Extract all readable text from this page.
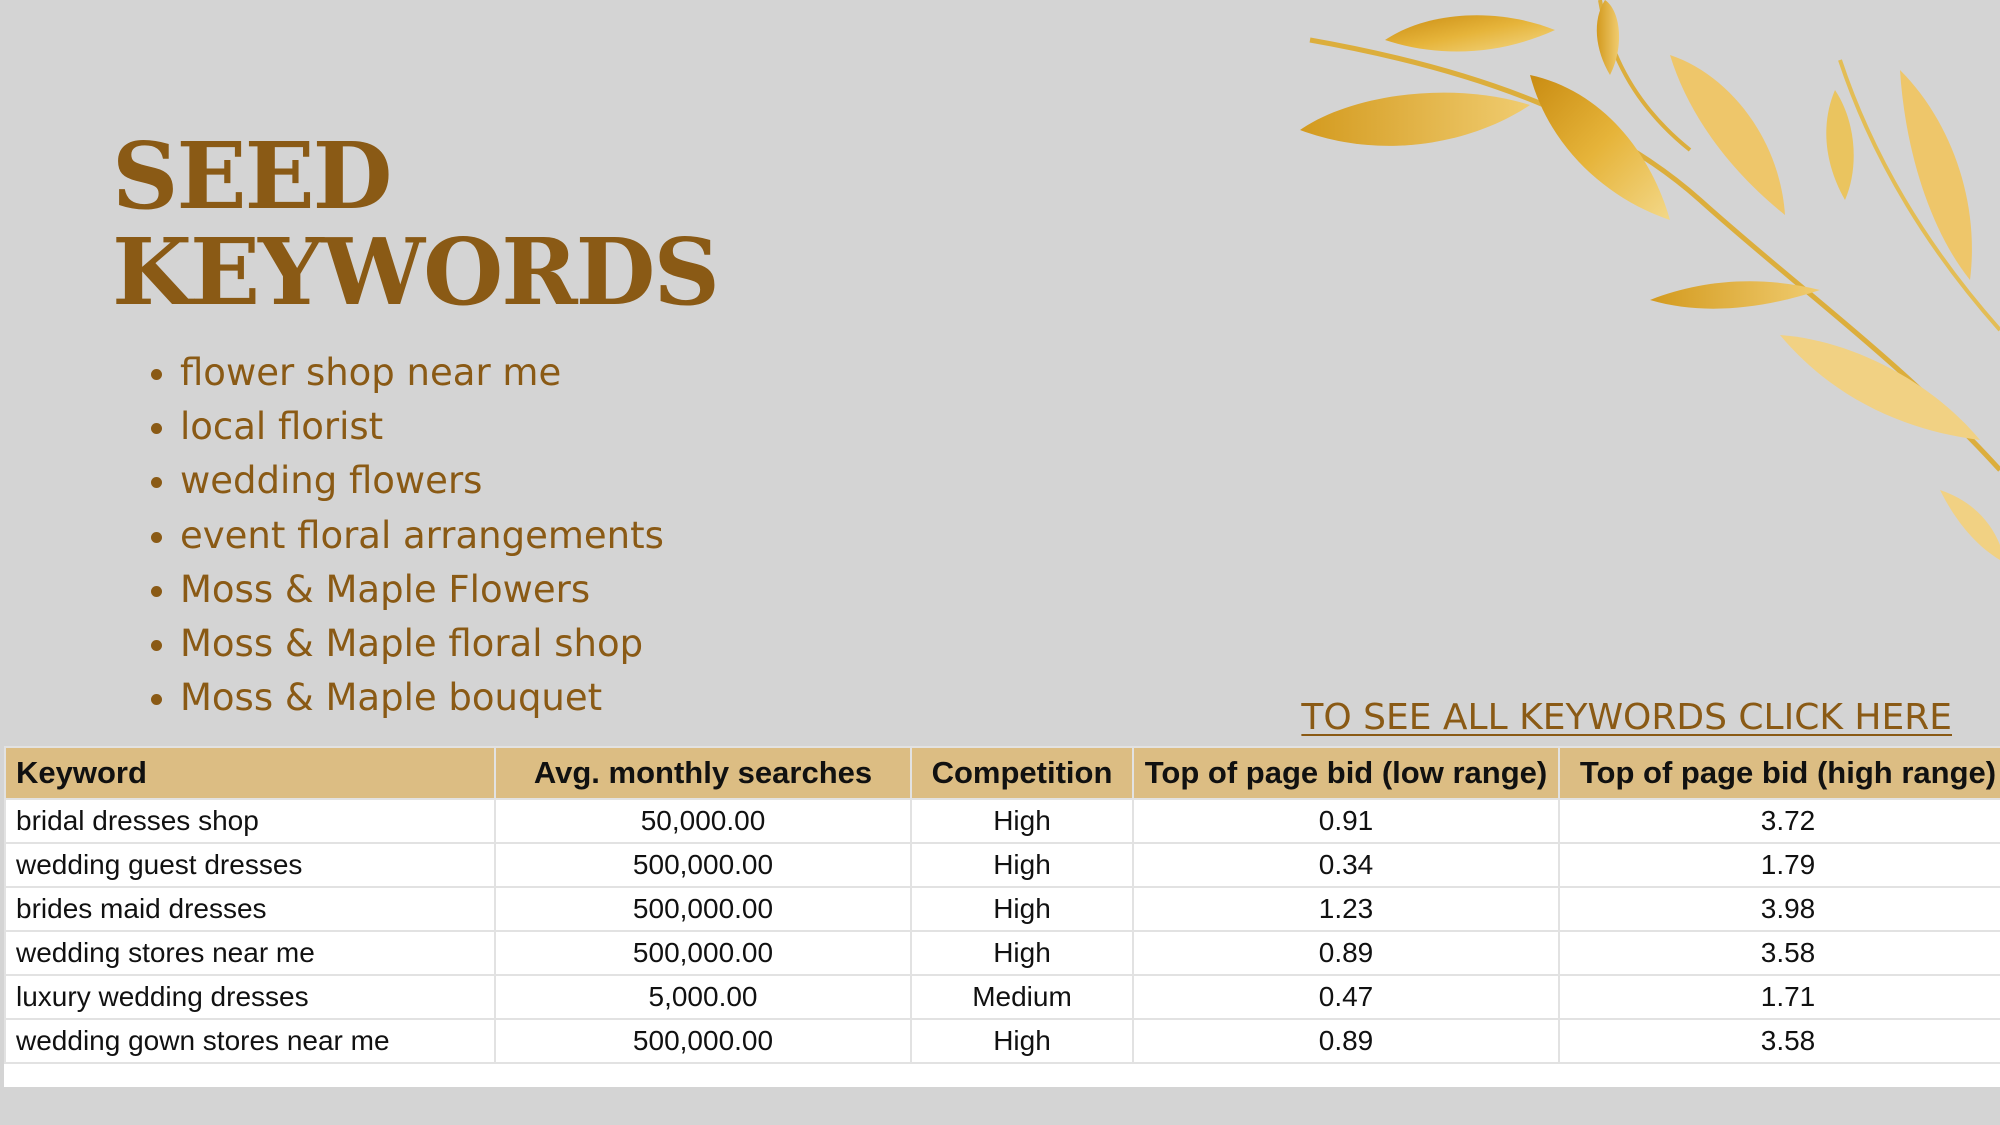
SEED
KEYWORDS
• flower shop near me
• local florist
• wedding flowers
• event floral arrangements
• Moss & Maple Flowers
• Moss & Maple floral shop
• Moss & Maple bouquet	TO SEE ALL KEYWORDS CLICK HERE
Keyword	Avg. monthly searches	Competition	Top of page bid (low range)	Top of page bid (high range)
bridal dresses shop	50,000.00	High	0.91	3.72
wedding guest dresses	500,000.00	High	0.34	1.79
brides maid dresses	500,000.00	High	1.23	3.98
wedding stores near me	500,000.00	High	0.89	3.58
luxury wedding dresses	5,000.00	Medium	0.47	1.71
wedding gown stores near me	500,000.00	High	0.89	3.58
